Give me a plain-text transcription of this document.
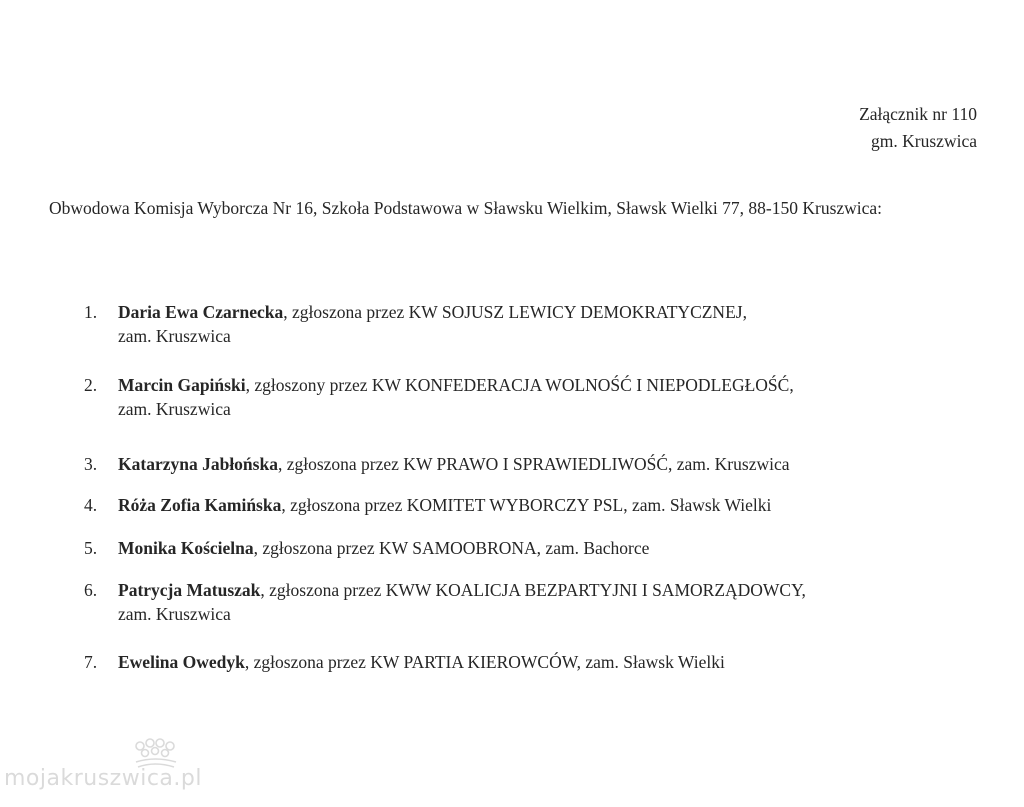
Załącznik nr 110
gm. Kruszwica
Obwodowa Komisja Wyborcza Nr 16, Szkoła Podstawowa w Sławsku Wielkim, Sławsk Wielki 77, 88-150 Kruszwica:
1.	Daria Ewa Czarnecka, zgłoszona przez KW SOJUSZ LEWICY DEMOKRATYCZNEJ,
zam. Kruszwica
2.	Marcin Gapiński, zgłoszony przez KW KONFEDERACJA WOLNOŚĆ I NIEPODLEGŁOŚĆ,
zam. Kruszwica
3.	Katarzyna Jabłońska, zgłoszona przez KW PRAWO I SPRAWIEDLIWOŚĆ, zam. Kruszwica
4.	Róża Zofia Kamińska, zgłoszona przez KOMITET WYBORCZY PSL, zam. Sławsk Wielki
5.	Monika Kościelna, zgłoszona przez KW SAMOOBRONA, zam. Bachorce
6.	Patrycja Matuszak, zgłoszona przez KWW KOALICJA BEZPARTYJNI I SAMORZĄDOWCY,
zam. Kruszwica
7.	Ewelina Owedyk, zgłoszona przez KW PARTIA KIEROWCÓW, zam. Sławsk Wielki
mojakruszwica.pl
